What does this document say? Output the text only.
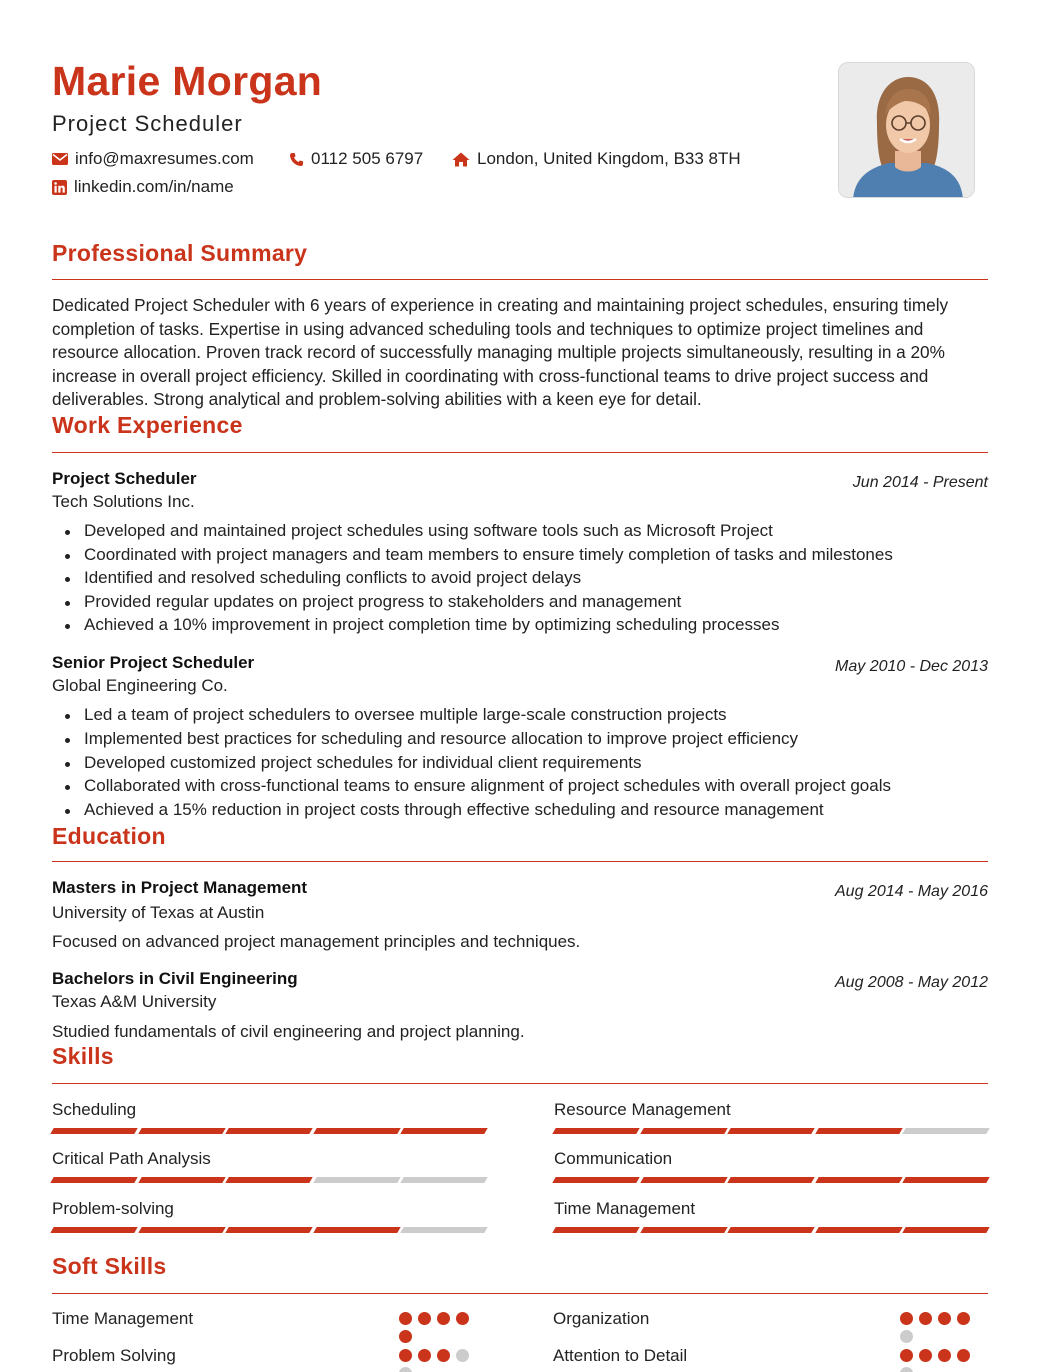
Marie Morgan
Project Scheduler
info@maxresumes.com	0112 505 6797	London, United Kingdom, B33 8TH
linkedin.com/in/name
Professional Summary
Dedicated Project Scheduler with 6 years of experience in creating and maintaining project schedules, ensuring timely completion of tasks. Expertise in using advanced scheduling tools and techniques to optimize project timelines and resource allocation. Proven track record of successfully managing multiple projects simultaneously, resulting in a 20% increase in overall project efficiency. Skilled in coordinating with cross-functional teams to drive project success and deliverables. Strong analytical and problem-solving abilities with a keen eye for detail.
Work Experience
Project Scheduler	Jun 2014 - Present
Tech Solutions Inc.
Developed and maintained project schedules using software tools such as Microsoft Project
Coordinated with project managers and team members to ensure timely completion of tasks and milestones
Identified and resolved scheduling conflicts to avoid project delays
Provided regular updates on project progress to stakeholders and management
Achieved a 10% improvement in project completion time by optimizing scheduling processes
Senior Project Scheduler	May 2010 - Dec 2013
Global Engineering Co.
Led a team of project schedulers to oversee multiple large-scale construction projects
Implemented best practices for scheduling and resource allocation to improve project efficiency
Developed customized project schedules for individual client requirements
Collaborated with cross-functional teams to ensure alignment of project schedules with overall project goals
Achieved a 15% reduction in project costs through effective scheduling and resource management
Education
Masters in Project Management	Aug 2014 - May 2016
University of Texas at Austin
Focused on advanced project management principles and techniques.
Bachelors in Civil Engineering	Aug 2008 - May 2012
Texas A&M University
Studied fundamentals of civil engineering and project planning.
Skills
Scheduling	Resource Management
Critical Path Analysis	Communication
Problem-solving	Time Management
Soft Skills
Time Management	Organization
Problem Solving	Attention to Detail
